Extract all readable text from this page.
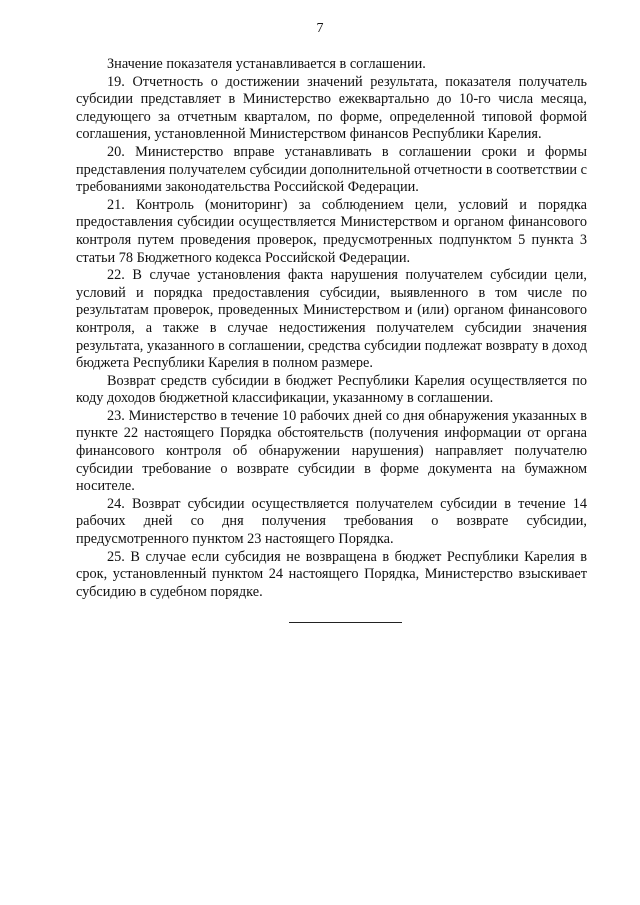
7

Значение показателя устанавливается в соглашении.

19. Отчетность о достижении значений результата, показателя получатель субсидии представляет в Министерство ежеквартально до 10-го числа месяца, следующего за отчетным кварталом, по форме, определенной типовой формой соглашения, установленной Министерством финансов Республики Карелия.

20. Министерство вправе устанавливать в соглашении сроки и формы представления получателем субсидии дополнительной отчетности в соответствии с требованиями законодательства Российской Федерации.

21. Контроль (мониторинг) за соблюдением цели, условий и порядка предоставления субсидии осуществляется Министерством и органом финансового контроля путем проведения проверок, предусмотренных подпунктом 5 пункта 3 статьи 78 Бюджетного кодекса Российской Федерации.

22. В случае установления факта нарушения получателем субсидии цели, условий и порядка предоставления субсидии, выявленного в том числе по результатам проверок, проведенных Министерством и (или) органом финансового контроля, а также в случае недостижения получателем субсидии значения результата, указанного в соглашении, средства субсидии подлежат возврату в доход бюджета Республики Карелия в полном размере.

Возврат средств субсидии в бюджет Республики Карелия осуществляется по коду доходов бюджетной классификации, указанному в соглашении.

23. Министерство в течение 10 рабочих дней со дня обнаружения указанных в пункте 22 настоящего Порядка обстоятельств (получения информации от органа финансового контроля об обнаружении нарушения) направляет получателю субсидии требование о возврате субсидии в форме документа на бумажном носителе.

24. Возврат субсидии осуществляется получателем субсидии в течение 14 рабочих дней со дня получения требования о возврате субсидии, предусмотренного пунктом 23 настоящего Порядка.

25. В случае если субсидия не возвращена в бюджет Республики Карелия в срок, установленный пунктом 24 настоящего Порядка, Министерство взыскивает субсидию в судебном порядке.
